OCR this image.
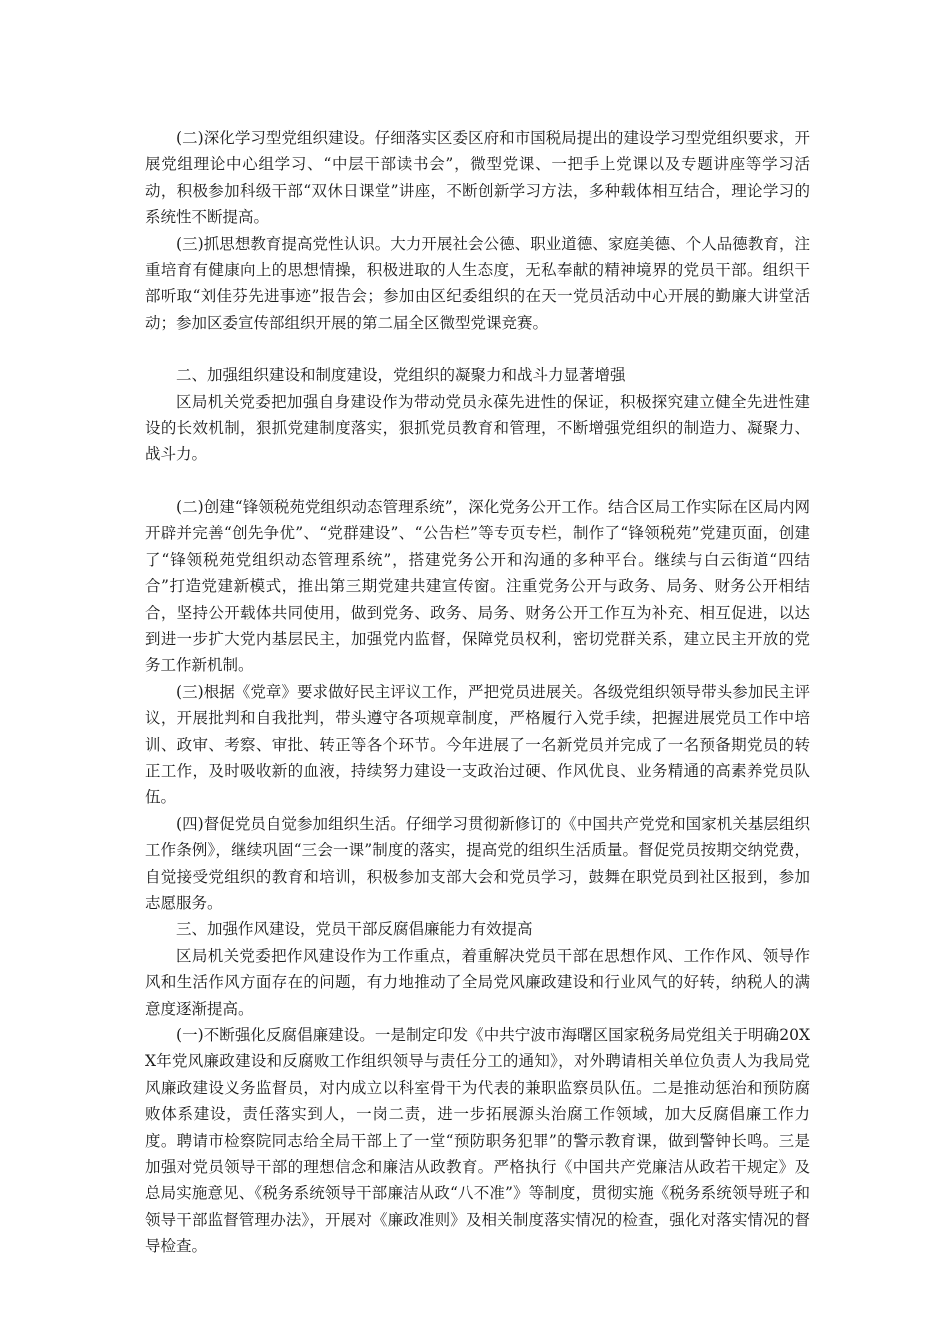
(二)深化学习型党组织建设。仔细落实区委区府和市国税局提出的建设学习型党组织要求，开展党组理论中心组学习、“中层干部读书会”，微型党课、一把手上党课以及专题讲座等学习活动，积极参加科级干部“双休日课堂”讲座，不断创新学习方法，多种载体相互结合，理论学习的系统性不断提高。

(三)抓思想教育提高党性认识。大力开展社会公德、职业道德、家庭美德、个人品德教育，注重培育有健康向上的思想情操，积极进取的人生态度，无私奉献的精神境界的党员干部。组织干部听取“刘佳芬先进事迹”报告会；参加由区纪委组织的在天一党员活动中心开展的勤廉大讲堂活动；参加区委宣传部组织开展的第二届全区微型党课竞赛。

二、加强组织建设和制度建设，党组织的凝聚力和战斗力显著增强

区局机关党委把加强自身建设作为带动党员永葆先进性的保证，积极探究建立健全先进性建设的长效机制，狠抓党建制度落实，狠抓党员教育和管理，不断增强党组织的制造力、凝聚力、战斗力。

(二)创建“锋领税苑党组织动态管理系统”，深化党务公开工作。结合区局工作实际在区局内网开辟并完善“创先争优”、“党群建设”、“公告栏”等专页专栏，制作了“锋领税苑”党建页面，创建了“锋领税苑党组织动态管理系统”，搭建党务公开和沟通的多种平台。继续与白云街道“四结合”打造党建新模式，推出第三期党建共建宣传窗。注重党务公开与政务、局务、财务公开相结合，坚持公开载体共同使用，做到党务、政务、局务、财务公开工作互为补充、相互促进，以达到进一步扩大党内基层民主，加强党内监督，保障党员权利，密切党群关系，建立民主开放的党务工作新机制。

(三)根据《党章》要求做好民主评议工作，严把党员进展关。各级党组织领导带头参加民主评议，开展批判和自我批判，带头遵守各项规章制度，严格履行入党手续，把握进展党员工作中培训、政审、考察、审批、转正等各个环节。今年进展了一名新党员并完成了一名预备期党员的转正工作，及时吸收新的血液，持续努力建设一支政治过硬、作风优良、业务精通的高素养党员队伍。

(四)督促党员自觉参加组织生活。仔细学习贯彻新修订的《中国共产党党和国家机关基层组织工作条例》，继续巩固“三会一课”制度的落实，提高党的组织生活质量。督促党员按期交纳党费，自觉接受党组织的教育和培训，积极参加支部大会和党员学习，鼓舞在职党员到社区报到，参加志愿服务。

三、加强作风建设，党员干部反腐倡廉能力有效提高

区局机关党委把作风建设作为工作重点，着重解决党员干部在思想作风、工作作风、领导作风和生活作风方面存在的问题，有力地推动了全局党风廉政建设和行业风气的好转，纳税人的满意度逐渐提高。

(一)不断强化反腐倡廉建设。一是制定印发《中共宁波市海曙区国家税务局党组关于明确20XX年党风廉政建设和反腐败工作组织领导与责任分工的通知》，对外聘请相关单位负责人为我局党风廉政建设义务监督员，对内成立以科室骨干为代表的兼职监察员队伍。二是推动惩治和预防腐败体系建设，责任落实到人，一岗二责，进一步拓展源头治腐工作领域，加大反腐倡廉工作力度。聘请市检察院同志给全局干部上了一堂“预防职务犯罪”的警示教育课，做到警钟长鸣。三是加强对党员领导干部的理想信念和廉洁从政教育。严格执行《中国共产党廉洁从政若干规定》及总局实施意见、《税务系统领导干部廉洁从政“八不准”》等制度，贯彻实施《税务系统领导班子和领导干部监督管理办法》，开展对《廉政准则》及相关制度落实情况的检查，强化对落实情况的督导检查。
